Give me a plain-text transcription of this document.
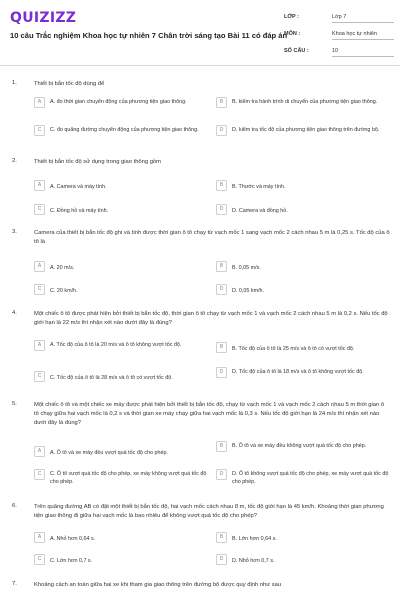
QUIZIZZ
10 câu Trắc nghiệm Khoa học tự nhiên 7 Chân trời sáng tạo Bài 11 có đáp án
LỚP :	Lớp 7
MÔN :	Khoa học tự nhiên
SỐ CÂU :	10
1.	Thiết bị bắn tốc độ dùng để
A	A. đo thời gian chuyển động của phương tiện giao thông.	B	B. kiểm tra hành trình di chuyển của phương tiện giao thông.
C	C. đo quãng đường chuyển động của phương tiện giao thông.	D	D. kiểm tra tốc độ của phương tiện giao thông trên đường bộ.
2.	Thiết bị bắn tốc độ sử dụng trong giao thông gồm
A	A. Camera và máy tính.	B	B. Thước và máy tính.
C	C. Đồng hồ và máy tính.	D	D. Camera và đồng hồ.
3.	Camera của thiết bị bắn tốc độ ghi và tính được thời gian ô tô chạy từ vạch mốc 1 sang vạch mốc 2 cách nhau 5 m là 0,25 s. Tốc độ của ô tô là
A	A. 20 m/s.	B	B. 0,05 m/s.
C	C. 20 km/h.	D	D. 0,05 km/h.
4.	Một chiếc ô tô được phát hiện bởi thiết bị bắn tốc độ, thời gian ô tô chạy từ vạch mốc 1 và vạch mốc 2 cách nhau 5 m là 0,2 s. Nếu tốc độ giới hạn là 22 m/s thì nhận xét nào dưới đây là đúng?
A	A. Tốc độ của ô tô là 20 m/s và ô tô không vượt tốc độ.	B	B. Tốc độ của ô tô là 25 m/s và ô tô có vượt tốc độ.
C	C. Tốc độ của ô tô là 28 m/s và ô tô có vượt tốc độ.
D	D. Tốc độ của ô tô là 18 m/s và ô tô không vượt tốc độ.
5.	Một chiếc ô tô và một chiếc xe máy được phát hiện bởi thiết bị bắn tốc độ, chạy từ vạch mốc 1 và vạch mốc 2 cách nhau 5 m thời gian ô tô chạy giữa hai vạch mốc là 0,2 s và thời gian xe máy chạy giữa hai vạch mốc là 0,3 s. Nếu tốc độ giới hạn là 24 m/s thì nhận xét nào dưới đây là đúng?
A	A. Ô tô và xe máy đều vượt quá tốc độ cho phép.
B	B. Ô tô và xe máy đều không vượt quá tốc độ cho phép.
C	C. Ô tô vượt quá tốc độ cho phép, xe máy không vượt quá tốc độ cho phép.
D	D. Ô tô không vượt quá tốc độ cho phép, xe máy vượt quá tốc độ cho phép.
6.	Trên quãng đường AB có đặt một thiết bị bắn tốc độ, hai vạch mốc cách nhau 8 m, tốc độ giới hạn là 45 km/h. Khoảng thời gian phương tiện giao thông đi giữa hai vạch mốc là bao nhiêu để không vượt quá tốc độ cho phép?
A	A. Nhỏ hơn 0,64 s.	B	B. Lớn hơn 0,64 s.
C	C. Lớn hơn 0,7 s.	D	D. Nhỏ hơn 0,7 s.
7.	Khoảng cách an toàn giữa hai xe khi tham gia giao thông trên đường bộ được quy định như sau
